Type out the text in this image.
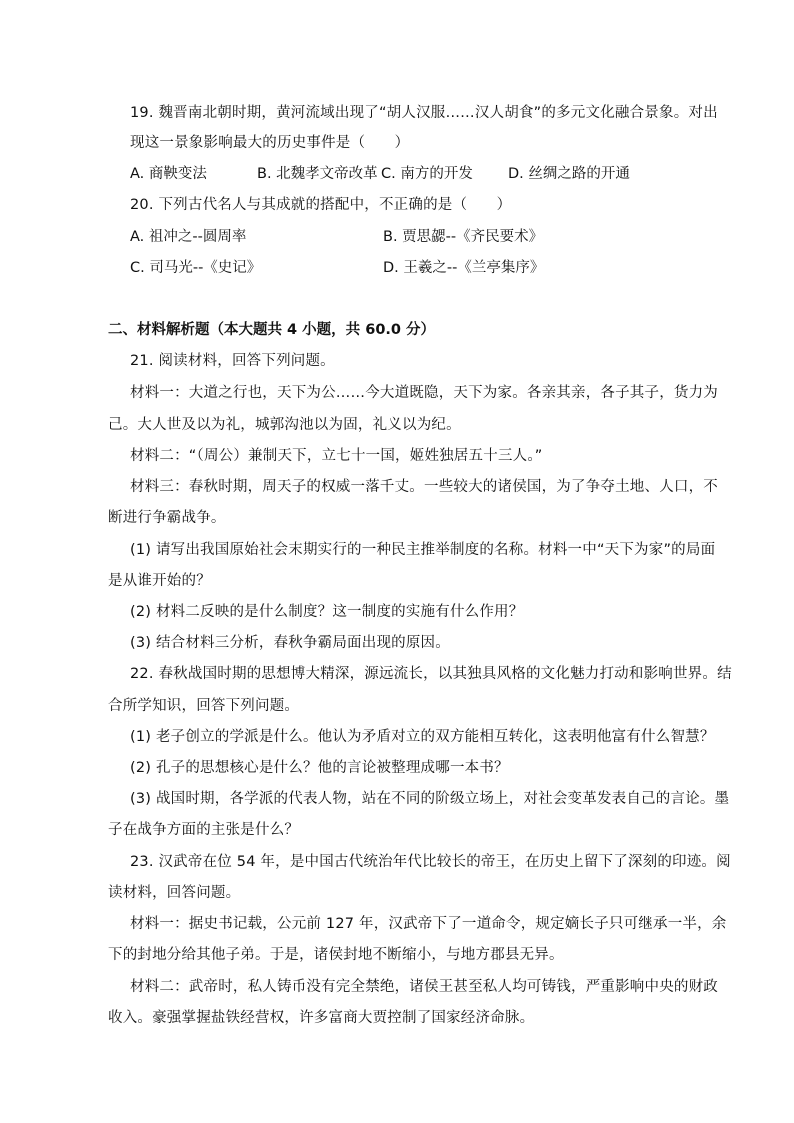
19. 魏晋南北朝时期，黄河流域出现了“胡人汉服……汉人胡食”的多元文化融合景象。对出
现这一景象影响最大的历史事件是（　　）
A. 商鞅变法	B. 北魏孝文帝改革 C. 南方的开发 D. 丝绸之路的开通
20. 下列古代名人与其成就的搭配中，不正确的是（　　）
A. 祖冲之--圆周率	B. 贾思勰--《齐民要术》
C. 司马光--《史记》	D. 王羲之--《兰亭集序》
二、材料解析题（本大题共 4 小题，共 60.0 分）
21. 阅读材料，回答下列问题。
材料一：大道之行也，天下为公……今大道既隐，天下为家。各亲其亲，各子其子，货力为
己。大人世及以为礼，城郭沟池以为固，礼义以为纪。
材料二：“（周公）兼制天下，立七十一国，姬姓独居五十三人。”
材料三：春秋时期，周天子的权威一落千丈。一些较大的诸侯国，为了争夺土地、人口，不
断进行争霸战争。
(1) 请写出我国原始社会末期实行的一种民主推举制度的名称。材料一中“天下为家”的局面
是从谁开始的？
(2) 材料二反映的是什么制度？这一制度的实施有什么作用？
(3) 结合材料三分析，春秋争霸局面出现的原因。
22. 春秋战国时期的思想博大精深，源远流长，以其独具风格的文化魅力打动和影响世界。结
合所学知识，回答下列问题。
(1) 老子创立的学派是什么。他认为矛盾对立的双方能相互转化，这表明他富有什么智慧？
(2) 孔子的思想核心是什么？他的言论被整理成哪一本书？
(3) 战国时期，各学派的代表人物，站在不同的阶级立场上，对社会变革发表自己的言论。墨
子在战争方面的主张是什么？
23. 汉武帝在位 54 年，是中国古代统治年代比较长的帝王，在历史上留下了深刻的印迹。阅
读材料，回答问题。
材料一：据史书记载，公元前 127 年，汉武帝下了一道命令，规定嫡长子只可继承一半，余
下的封地分给其他子弟。于是，诸侯封地不断缩小，与地方郡县无异。
材料二：武帝时，私人铸币没有完全禁绝，诸侯王甚至私人均可铸钱，严重影响中央的财政
收入。豪强掌握盐铁经营权，许多富商大贾控制了国家经济命脉。
